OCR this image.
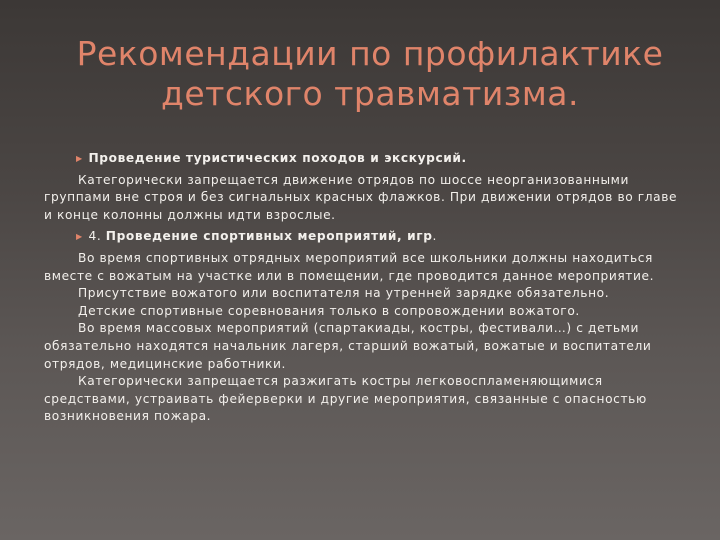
Рекомендации по профилактике
детского травматизма.

▶ Проведение туристических походов и экскурсий.

Категорически запрещается движение отрядов по шоссе неорганизованными группами вне строя и без сигнальных красных флажков. При движении отрядов во главе и конце колонны должны идти взрослые.

▶ 4. Проведение спортивных мероприятий, игр.

Во время спортивных отрядных мероприятий все школьники должны находиться вместе с вожатым на участке или в помещении, где проводится данное мероприятие.

Присутствие вожатого или воспитателя на утренней зарядке обязательно.

Детские спортивные соревнования только в сопровождении вожатого.

Во время массовых мероприятий (спартакиады, костры, фестивали…) с детьми обязательно находятся начальник лагеря, старший вожатый, вожатые и воспитатели отрядов, медицинские работники.

Категорически запрещается разжигать костры легковоспламеняющимися средствами, устраивать фейерверки и другие мероприятия, связанные с опасностью возникновения пожара.
